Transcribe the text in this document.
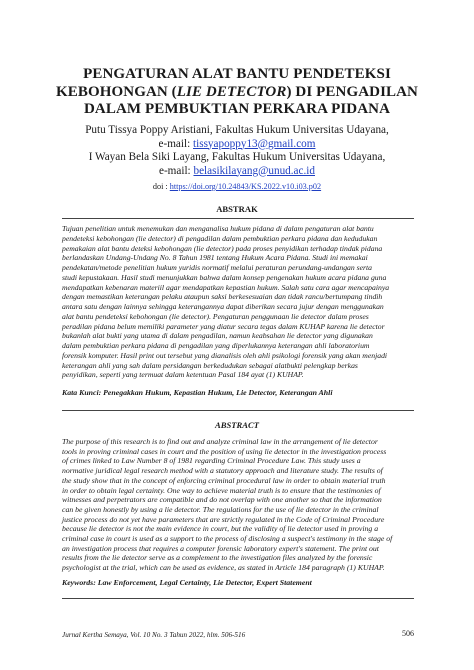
PENGATURAN ALAT BANTU PENDETEKSI
KEBOHONGAN (LIE DETECTOR) DI PENGADILAN
DALAM PEMBUKTIAN PERKARA PIDANA
Putu Tissya Poppy Aristiani, Fakultas Hukum Universitas Udayana,
e-mail: tissyapoppy13@gmail.com
I Wayan Bela Siki Layang, Fakultas Hukum Universitas Udayana,
e-mail: belasikilayang@unud.ac.id
doi : https://doi.org/10.24843/KS.2022.v10.i03.p02
ABSTRAK
Tujuan penelitian untuk menemukan dan menganalisa hukum pidana di dalam pengaturan alat bantu
pendeteksi kebohongan (lie detector) di pengadilan dalam pembuktian perkara pidana dan kedudukan
pemakaian alat bantu deteksi kebohongan (lie detector) pada proses penyidikan terhadap tindak pidana
berlandaskan Undang-Undang No. 8 Tahun 1981 tentang Hukum Acara Pidana. Studi ini memakai
pendekatan/metode penelitian hukum yuridis normatif melalui peraturan perundang-undangan serta
studi kepustakaan. Hasil studi menunjukkan bahwa dalam konsep pengenakan hukum acara pidana guna
mendapatkan kebenaran materiil agar mendapatkan kepastian hukum. Salah satu cara agar mencapainya
dengan memastikan keterangan pelaku ataupun saksi berkesesuaian dan tidak rancu/bertumpang tindih
antara satu dengan lainnya sehingga keterangannya dapat diberikan secara jujur dengan menggunakan
alat bantu pendeteksi kebohongan (lie detector). Pengaturan penggunaan lie detector dalam proses
peradilan pidana belum memiliki parameter yang diatur secara tegas dalam KUHAP karena lie detector
bukanlah alat bukti yang utama di dalam pengadilan, namun keabsahan lie detector yang digunakan
dalam pembuktian perkara pidana di pengadilan yang diperlukannya keterangan ahli laboratorium
forensik komputer. Hasil print out tersebut yang dianalisis oleh ahli psikologi forensik yang akan menjadi
keterangan ahli yang sah dalam persidangan berkedudukan sebagai alatbukti pelengkap berkas
penyidikan, seperti yang termuat dalam ketentuan Pasal 184 ayat (1) KUHAP.
Kata Kunci: Penegakkan Hukum, Kepastian Hukum, Lie Detector, Keterangan Ahli
ABSTRACT
The purpose of this research is to find out and analyze criminal law in the arrangement of lie detector
tools in proving criminal cases in court and the position of using lie detector in the investigation process
of crimes linked to Law Number 8 of 1981 regarding Criminal Procedure Law. This study uses a
normative juridical legal research method with a statutory approach and literature study. The results of
the study show that in the concept of enforcing criminal procedural law in order to obtain material truth
in order to obtain legal certainty. One way to achieve material truth is to ensure that the testimonies of
witnesses and perpetrators are compatible and do not overlap with one another so that the information
can be given honestly by using a lie detector. The regulations for the use of lie detector in the criminal
justice process do not yet have parameters that are strictly regulated in the Code of Criminal Procedure
because lie detector is not the main evidence in court, but the validity of lie detector used in proving a
criminal case in court is used as a support to the process of disclosing a suspect's testimony in the stage of
an investigation process that requires a computer forensic laboratory expert's statement. The print out
results from the lie detector serve as a complement to the investigation files analyzed by the forensic
psychologist at the trial, which can be used as evidence, as stated in Article 184 paragraph (1) KUHAP.
Keywords: Law Enforcement, Legal Certainty, Lie Detector, Expert Statement
Jurnal Kertha Semaya, Vol. 10 No. 3 Tahun 2022, hlm. 506-516	506
